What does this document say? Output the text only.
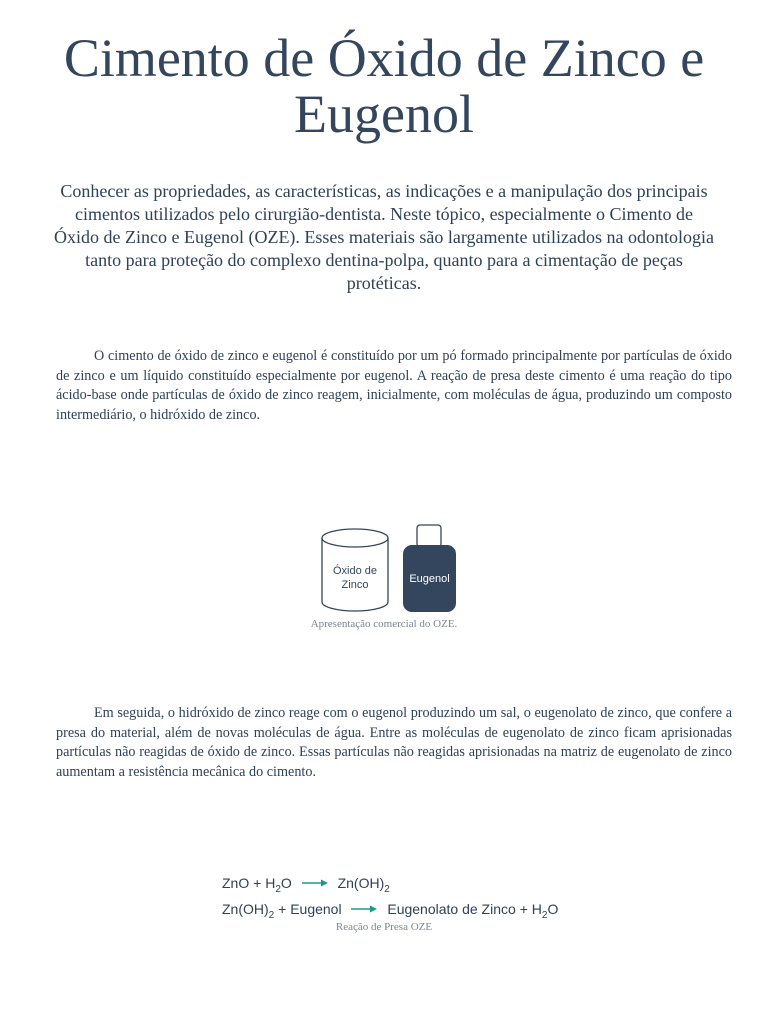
Cimento de Óxido de Zinco e Eugenol

Conhecer as propriedades, as características, as indicações e a manipulação dos principais cimentos utilizados pelo cirurgião-dentista. Neste tópico, especialmente o Cimento de Óxido de Zinco e Eugenol (OZE). Esses materiais são largamente utilizados na odontologia tanto para proteção do complexo dentina-polpa, quanto para a cimentação de peças protéticas.

O cimento de óxido de zinco e eugenol é constituído por um pó formado principalmente por partículas de óxido de zinco e um líquido constituído especialmente por eugenol. A reação de presa deste cimento é uma reação do tipo ácido-base onde partículas de óxido de zinco reagem, inicialmente, com moléculas de água, produzindo um composto intermediário, o hidróxido de zinco.

Óxido de
Zinco	Eugenol
Apresentação comercial do OZE.

Em seguida, o hidróxido de zinco reage com o eugenol produzindo um sal, o eugenolato de zinco, que confere a presa do material, além de novas moléculas de água. Entre as moléculas de eugenolato de zinco ficam aprisionadas partículas não reagidas de óxido de zinco. Essas partículas não reagidas aprisionadas na matriz de eugenolato de zinco aumentam a resistência mecânica do cimento.

ZnO + $H_2O$	$Zn(OH)_2$
$Zn(OH)_2$ + Eugenol	Eugenolato de Zinco + $H_2O$
Reação de Presa OZE
